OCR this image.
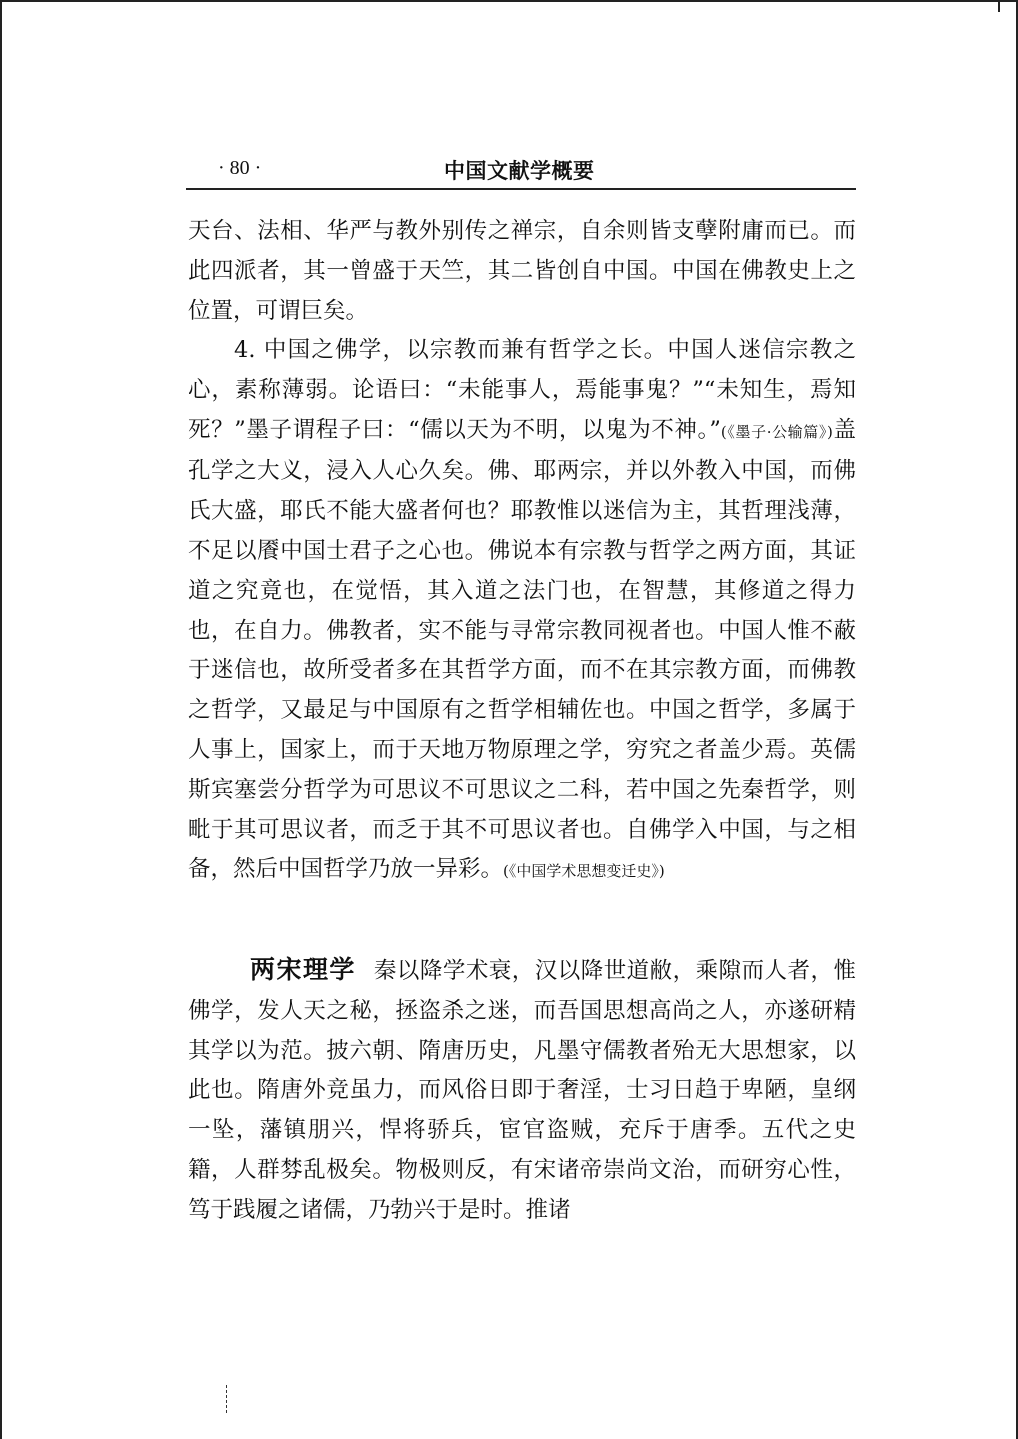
· 80 ·	中国文献学概要
天台、法相、华严与教外别传之禅宗，自余则皆支孽附庸而已。而此四派者，其一曾盛于天竺，其二皆创自中国。中国在佛教史上之位置，可谓巨矣。
4. 中国之佛学，以宗教而兼有哲学之长。中国人迷信宗教之心，素称薄弱。论语曰：“未能事人，焉能事鬼？”“未知生，焉知死？”墨子谓程子曰：“儒以天为不明，以鬼为不神。”(《墨子·公输篇》)盖孔学之大义，浸入人心久矣。佛、耶两宗，并以外教入中国，而佛氏大盛，耶氏不能大盛者何也？耶教惟以迷信为主，其哲理浅薄，不足以餍中国士君子之心也。佛说本有宗教与哲学之两方面，其证道之究竟也，在觉悟，其入道之法门也，在智慧，其修道之得力也，在自力。佛教者，实不能与寻常宗教同视者也。中国人惟不蔽于迷信也，故所受者多在其哲学方面，而不在其宗教方面，而佛教之哲学，又最足与中国原有之哲学相辅佐也。中国之哲学，多属于人事上，国家上，而于天地万物原理之学，穷究之者盖少焉。英儒斯宾塞尝分哲学为可思议不可思议之二科，若中国之先秦哲学，则毗于其可思议者，而乏于其不可思议者也。自佛学入中国，与之相备，然后中国哲学乃放一异彩。(《中国学术思想变迁史》)
两宋理学 秦以降学术衰，汉以降世道敝，乘隙而人者，惟佛学，发人天之秘，拯盗杀之迷，而吾国思想高尚之人，亦遂研精其学以为范。披六朝、隋唐历史，凡墨守儒教者殆无大思想家，以此也。隋唐外竞虽力，而风俗日即于奢淫，士习日趋于卑陋，皇纲一坠，藩镇朋兴，悍将骄兵，宦官盗贼，充斥于唐季。五代之史籍，人群棼乱极矣。物极则反，有宋诸帝崇尚文治，而研穷心性，笃于践履之诸儒，乃勃兴于是时。推诸
